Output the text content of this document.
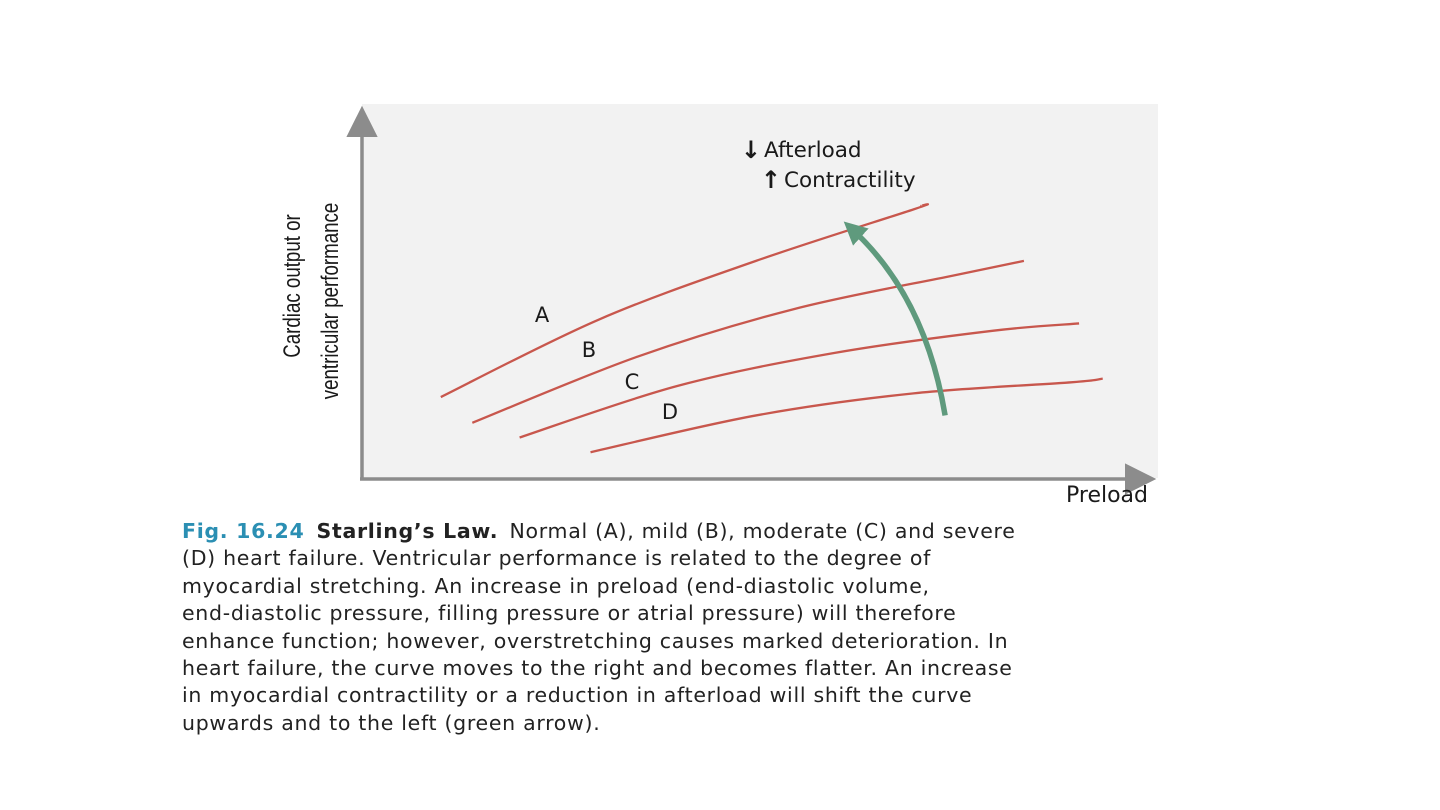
A
B
C
D
↓ Afterload
↑ Contractility
Preload
Cardiac output or ventricular performance
Fig. 16.24 Starling’s Law. Normal (A), mild (B), moderate (C) and severe
(D) heart failure. Ventricular performance is related to the degree of
myocardial stretching. An increase in preload (end-diastolic volume,
end-diastolic pressure, filling pressure or atrial pressure) will therefore
enhance function; however, overstretching causes marked deterioration. In
heart failure, the curve moves to the right and becomes flatter. An increase
in myocardial contractility or a reduction in afterload will shift the curve
upwards and to the left (green arrow).
